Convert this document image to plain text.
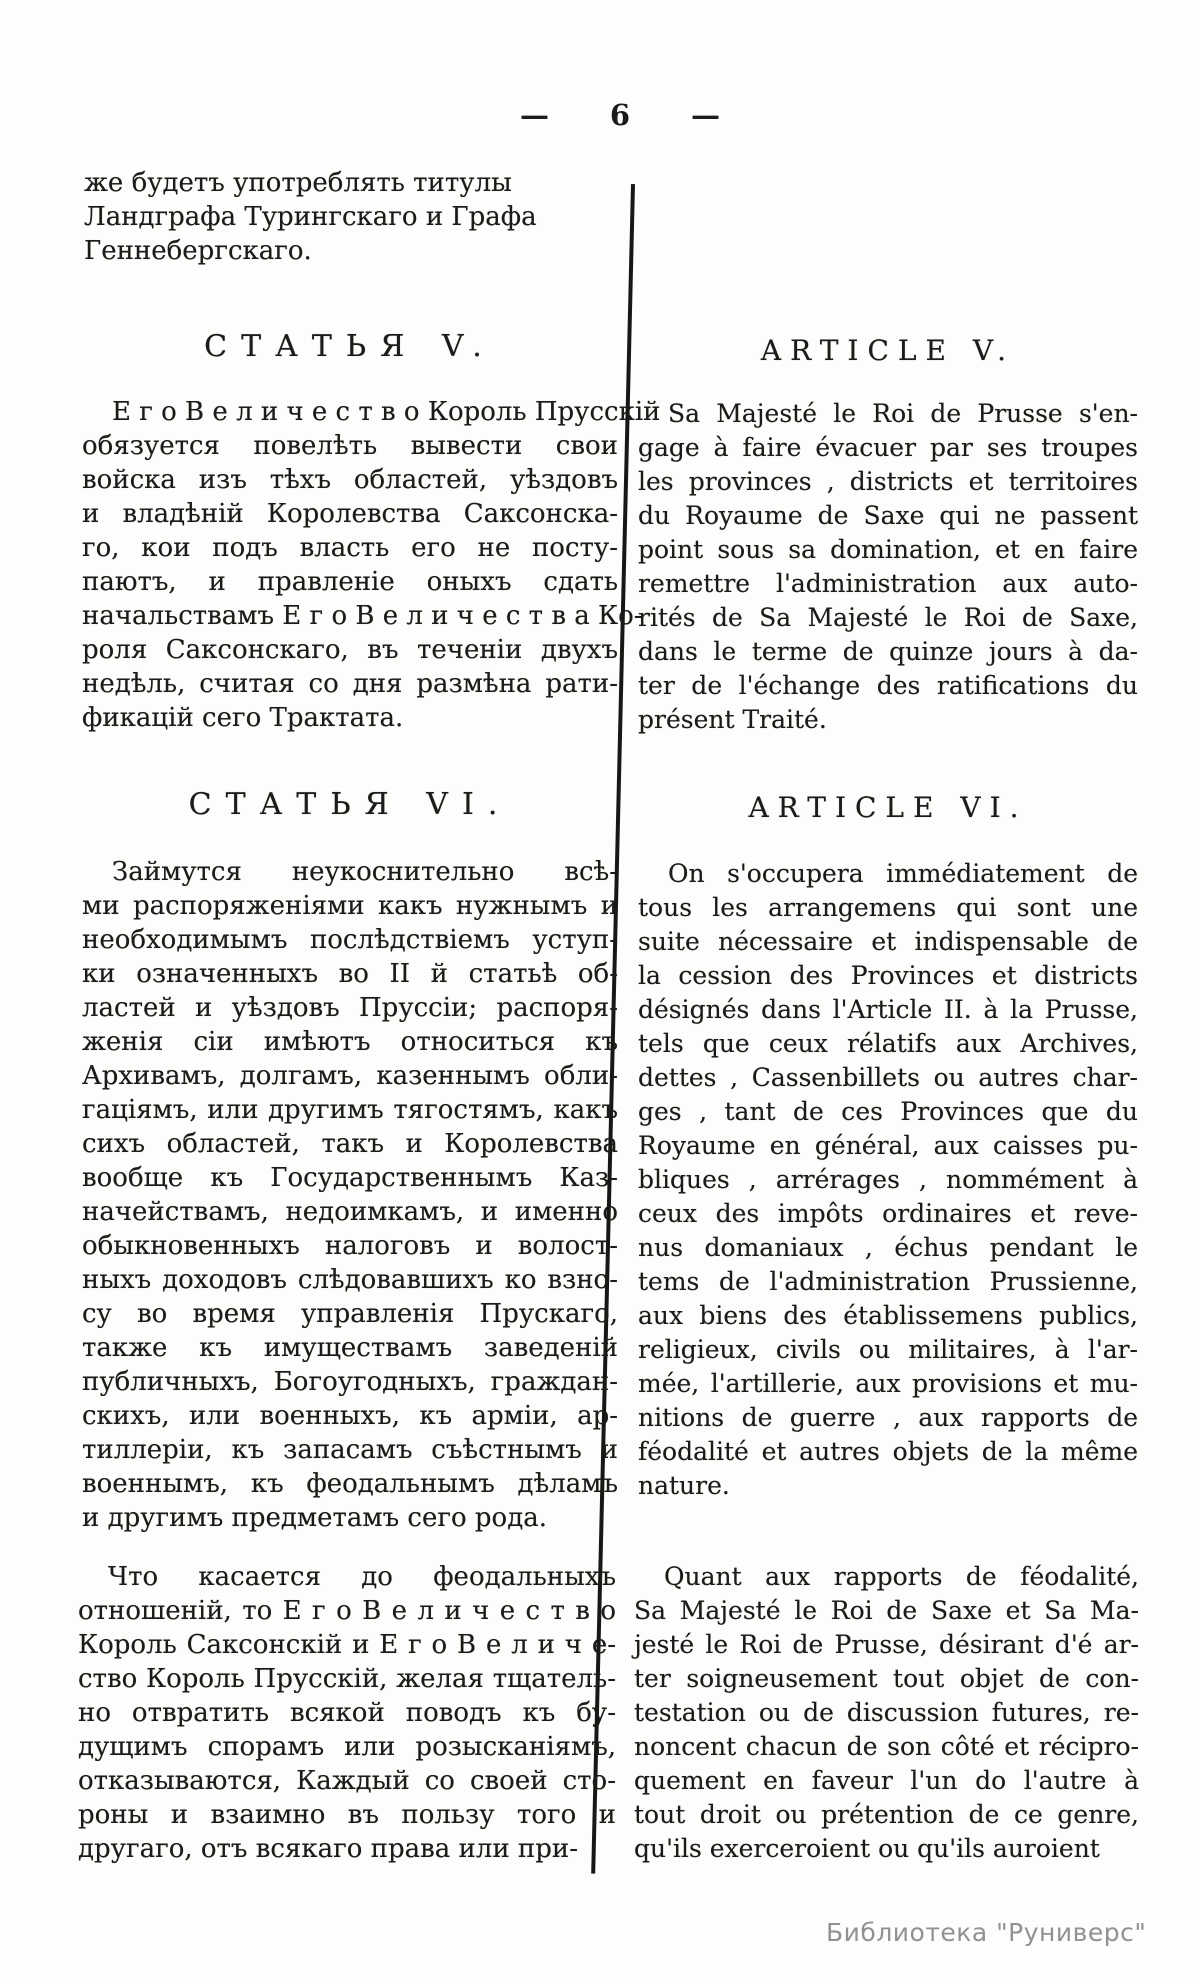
— 6 —
же будетъ употреблять титулы
Ландграфа Турингскаго и Графа
Геннебергскаго.
СТАТЬЯ V.
Е г о В е л и ч е с т в о Король Прусскій
обязуется повелѣть вывести свои
войска изъ тѣхъ областей, уѣздовъ
и владѣній Королевства Саксонска-
го, кои подъ власть его не посту-
паютъ, и правленіе оныхъ сдать
начальствамъ Е г о В е л и ч е с т в а Ко-
роля Саксонскаго, въ теченіи двухъ
недѣль, считая со дня размѣна рати-
фикацій сего Трактата.
СТАТЬЯ VI.
Займутся неукоснительно всѣ-
ми распоряженіями какъ нужнымъ и
необходимымъ послѣдствіемъ уступ-
ки означенныхъ во II й статьѣ об-
ластей и уѣздовъ Пруссіи; распоря-
женія сіи имѣютъ относиться къ
Архивамъ, долгамъ, казеннымъ обли-
гаціямъ, или другимъ тягостямъ, какъ
сихъ областей, такъ и Королевства
вообще къ Государственнымъ Каз-
начействамъ, недоимкамъ, и именно
обыкновенныхъ налоговъ и волост-
ныхъ доходовъ слѣдовавшихъ ко взно-
су во время управленія Прускаго,
также къ имуществамъ заведеній
публичныхъ, Богоугодныхъ, граждан-
скихъ, или военныхъ, къ арміи, ар-
тиллеріи, къ запасамъ съѣстнымъ и
военнымъ, къ феодальнымъ дѣламъ
и другимъ предметамъ сего рода.
Что касается до феодальныхъ
отношеній, то Е г о В е л и ч е с т в о
Король Саксонскій и Е г о В е л и ч е-
ство Король Прусскій, желая тщатель-
но отвратить всякой поводъ къ бу-
дущимъ спорамъ или розысканіямъ,
отказываются, Каждый со своей сто-
роны и взаимно въ пользу того и
другаго, отъ всякаго права или при-
ARTICLE V.
Sa Majesté le Roi de Prusse s'en-
gage à faire évacuer par ses troupes
les provinces , districts et territoires
du Royaume de Saxe qui ne passent
point sous sa domination, et en faire
remettre l'administration aux auto-
rités de Sa Majesté le Roi de Saxe,
dans le terme de quinze jours à da-
ter de l'échange des ratifications du
présent Traité.
ARTICLE VI.
On s'occupera immédiatement de
tous les arrangemens qui sont une
suite nécessaire et indispensable de
la cession des Provinces et districts
désignés dans l'Article II. à la Prusse,
tels que ceux rélatifs aux Archives,
dettes , Cassenbillets ou autres char-
ges , tant de ces Provinces que du
Royaume en général, aux caisses pu-
bliques , arrérages , nommément à
ceux des impôts ordinaires et reve-
nus domaniaux , échus pendant le
tems de l'administration Prussienne,
aux biens des établissemens publics,
religieux, civils ou militaires, à l'ar-
mée, l'artillerie, aux provisions et mu-
nitions de guerre , aux rapports de
féodalité et autres objets de la même
nature.
Quant aux rapports de féodalité,
Sa Majesté le Roi de Saxe et Sa Ma-
jesté le Roi de Prusse, désirant d'é ar-
ter soigneusement tout objet de con-
testation ou de discussion futures, re-
noncent chacun de son côté et récipro-
quement en faveur l'un do l'autre à
tout droit ou prétention de ce genre,
qu'ils exerceroient ou qu'ils auroient
Библиотека "Руниверс"
